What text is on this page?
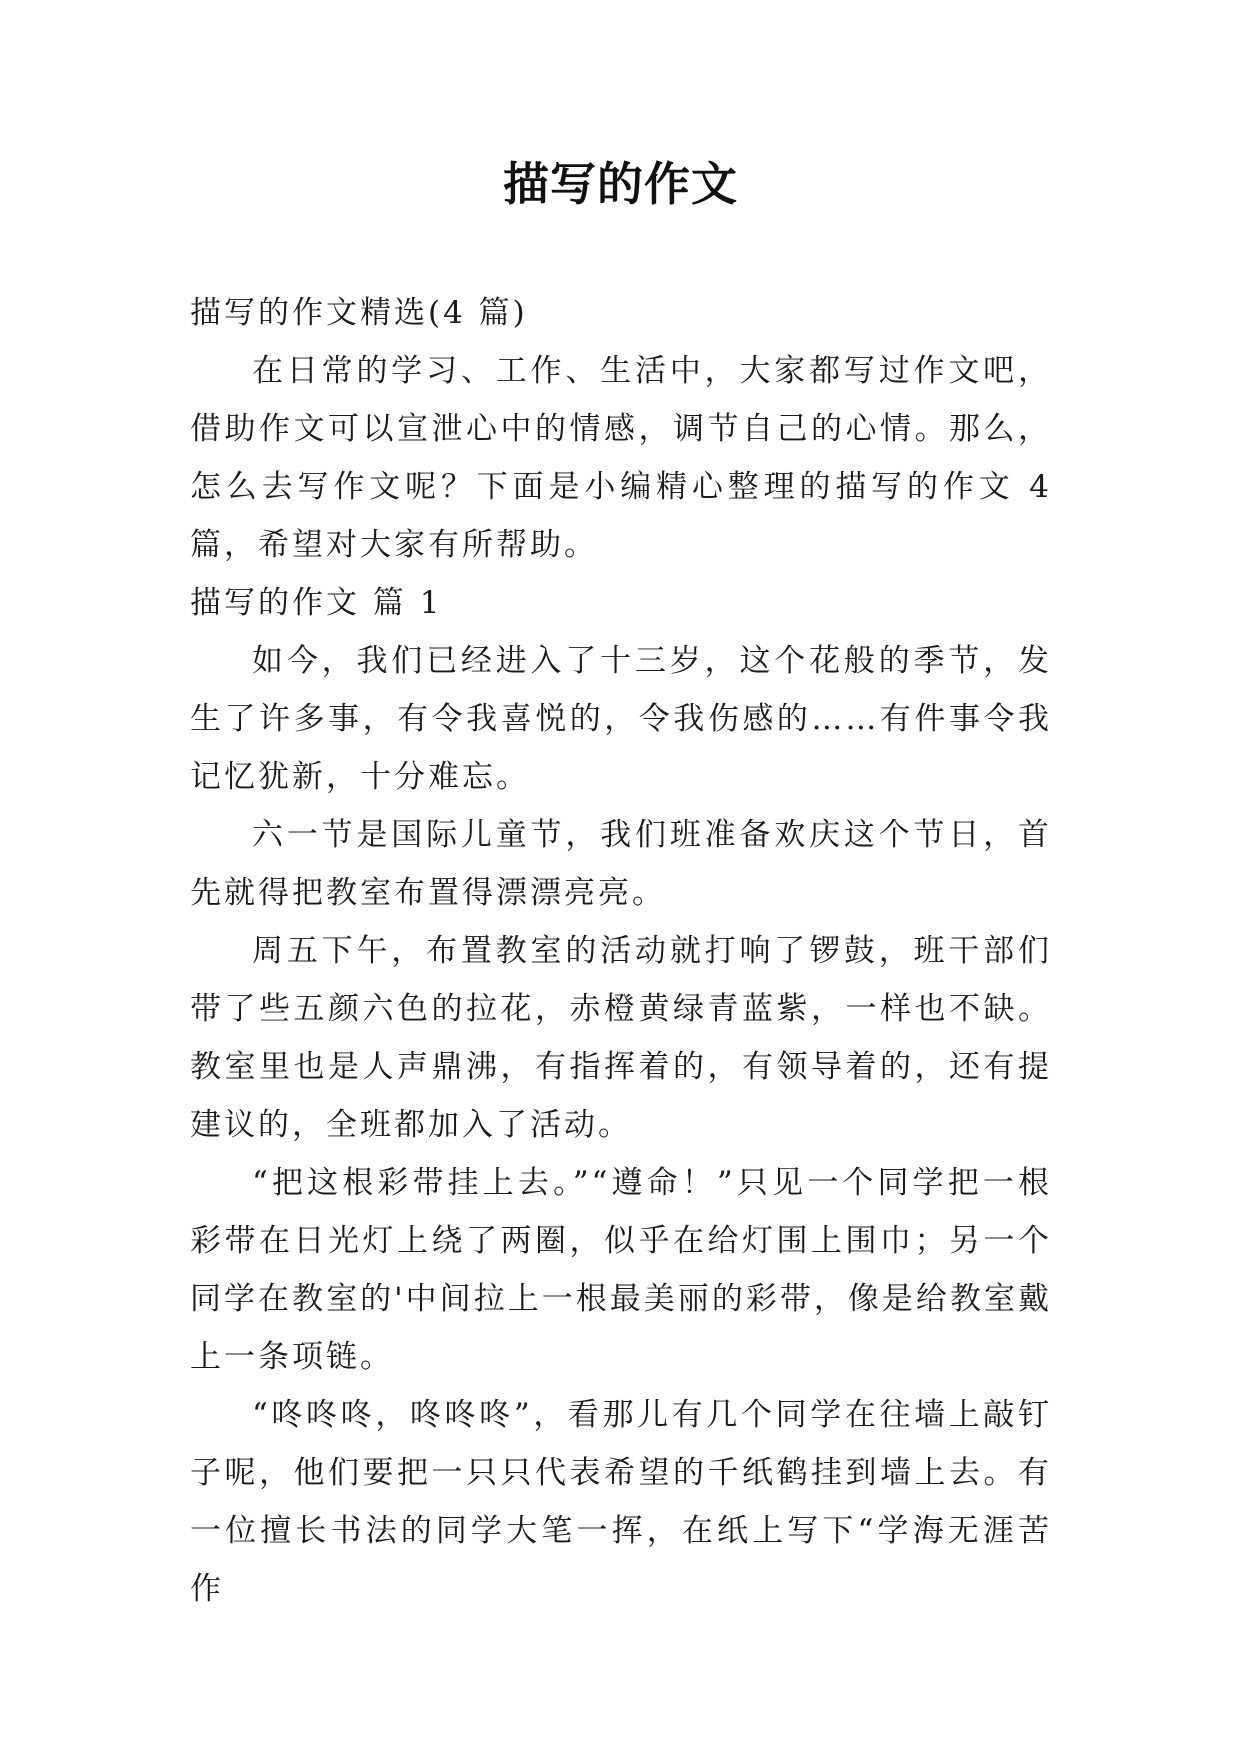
描写的作文

描写的作文精选(4 篇)

在日常的学习、工作、生活中，大家都写过作文吧，借助作文可以宣泄心中的情感，调节自己的心情。那么，怎么去写作文呢？下面是小编精心整理的描写的作文 4 篇，希望对大家有所帮助。

描写的作文 篇 1

如今，我们已经进入了十三岁，这个花般的季节，发生了许多事，有令我喜悦的，令我伤感的……有件事令我记忆犹新，十分难忘。

六一节是国际儿童节，我们班准备欢庆这个节日，首先就得把教室布置得漂漂亮亮。

周五下午，布置教室的活动就打响了锣鼓，班干部们带了些五颜六色的拉花，赤橙黄绿青蓝紫，一样也不缺。教室里也是人声鼎沸，有指挥着的，有领导着的，还有提建议的，全班都加入了活动。

“把这根彩带挂上去。”“遵命！”只见一个同学把一根彩带在日光灯上绕了两圈，似乎在给灯围上围巾；另一个同学在教室的'中间拉上一根最美丽的彩带，像是给教室戴上一条项链。

“咚咚咚，咚咚咚”，看那儿有几个同学在往墙上敲钉子呢，他们要把一只只代表希望的千纸鹤挂到墙上去。有一位擅长书法的同学大笔一挥，在纸上写下“学海无涯苦作
